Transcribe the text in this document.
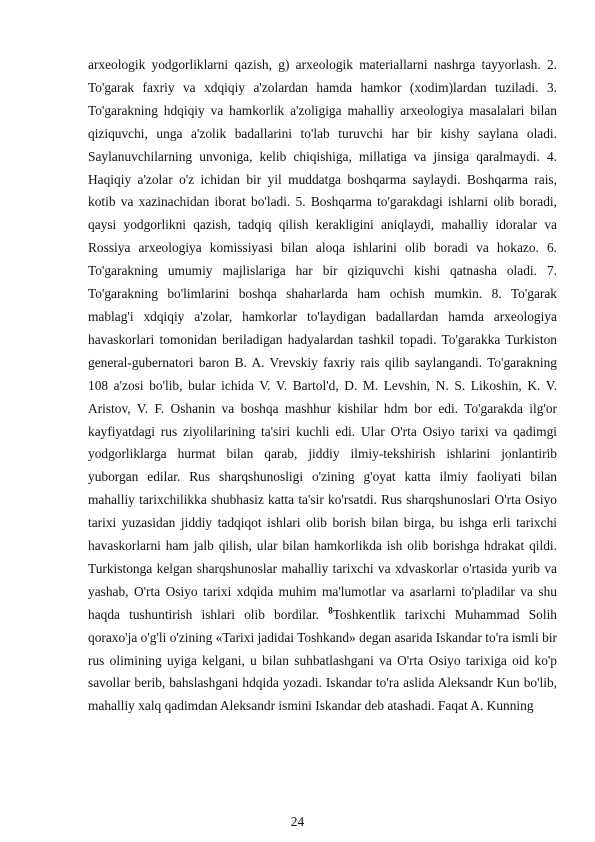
arxeologik yodgorliklarni qazish, g) arxeologik materiallarni nashrga tayyorlash. 2. To'garak faxriy va xdqiqiy a'zolardan hamda hamkor (xodim)lardan tuziladi. 3. To'garakning hdqiqiy va hamkorlik a'zoligiga mahalliy arxeologiya masalalari bilan qiziquvchi, unga a'zolik badallarini to'lab turuvchi har bir kishy saylana oladi. Saylanuvchilarning unvoniga, kelib chiqishiga, millatiga va jinsiga qaralmaydi. 4. Haqiqiy a'zolar o'z ichidan bir yil muddatga boshqarma saylaydi. Boshqarma rais, kotib va xazinachidan iborat bo'ladi. 5. Boshqarma to'garakdagi ishlarni olib boradi, qaysi yodgorlikni qazish, tadqiq qilish kerakligini aniqlaydi, mahalliy idoralar va Rossiya arxeologiya komissiyasi bilan aloqa ishlarini olib boradi va hokazo. 6. To'garakning umumiy majlislariga har bir qiziquvchi kishi qatnasha oladi. 7. To'garakning bo'limlarini boshqa shaharlarda ham ochish mumkin. 8. To'garak mablag'i xdqiqiy a'zolar, hamkorlar to'laydigan badallardan hamda arxeologiya havaskorlari tomonidan beriladigan hadyalardan tashkil topadi. To'garakka Turkiston general-gubernatori baron B. A. Vrevskiy faxriy rais qilib saylangandi. To'garakning 108 a'zosi bo'lib, bular ichida V. V. Bartol'd, D. M. Levshin, N. S. Likoshin, K. V. Aristov, V. F. Oshanin va boshqa mashhur kishilar hdm bor edi. To'garakda ilg'or kayfiyatdagi rus ziyolilarining ta'siri kuchli edi. Ular O'rta Osiyo tarixi va qadimgi yodgorliklarga hurmat bilan qarab, jiddiy ilmiy-tekshirish ishlarini jonlantirib yuborgan edilar. Rus sharqshunosligi o'zining g'oyat katta ilmiy faoliyati bilan mahalliy tarixchilikka shubhasiz katta ta'sir ko'rsatdi. Rus sharqshunoslari O'rta Osiyo tarixi yuzasidan jiddiy tadqiqot ishlari olib borish bilan birga, bu ishga erli tarixchi havaskorlarni ham jalb qilish, ular bilan hamkorlikda ish olib borishga hdrakat qildi. Turkistonga kelgan sharqshunoslar mahalliy tarixchi va xdvaskorlar o'rtasida yurib va yashab, O'rta Osiyo tarixi xdqida muhim ma'lumotlar va asarlarni to'pladilar va shu haqda tushuntirish ishlari olib bordilar. $^8$Toshkentlik tarixchi Muhammad Solih qoraxo'ja o'g'li o'zining «Tarixi jadidai Toshkand» degan asarida Iskandar to'ra ismli bir rus olimining uyiga kelgani, u bilan suhbatlashgani va O'rta Osiyo tarixiga oid ko'p savollar berib, bahslashgani hdqida yozadi. Iskandar to'ra aslida Aleksandr Kun bo'lib, mahalliy xalq qadimdan Aleksandr ismini Iskandar deb atashadi. Faqat A. Kunning

24
